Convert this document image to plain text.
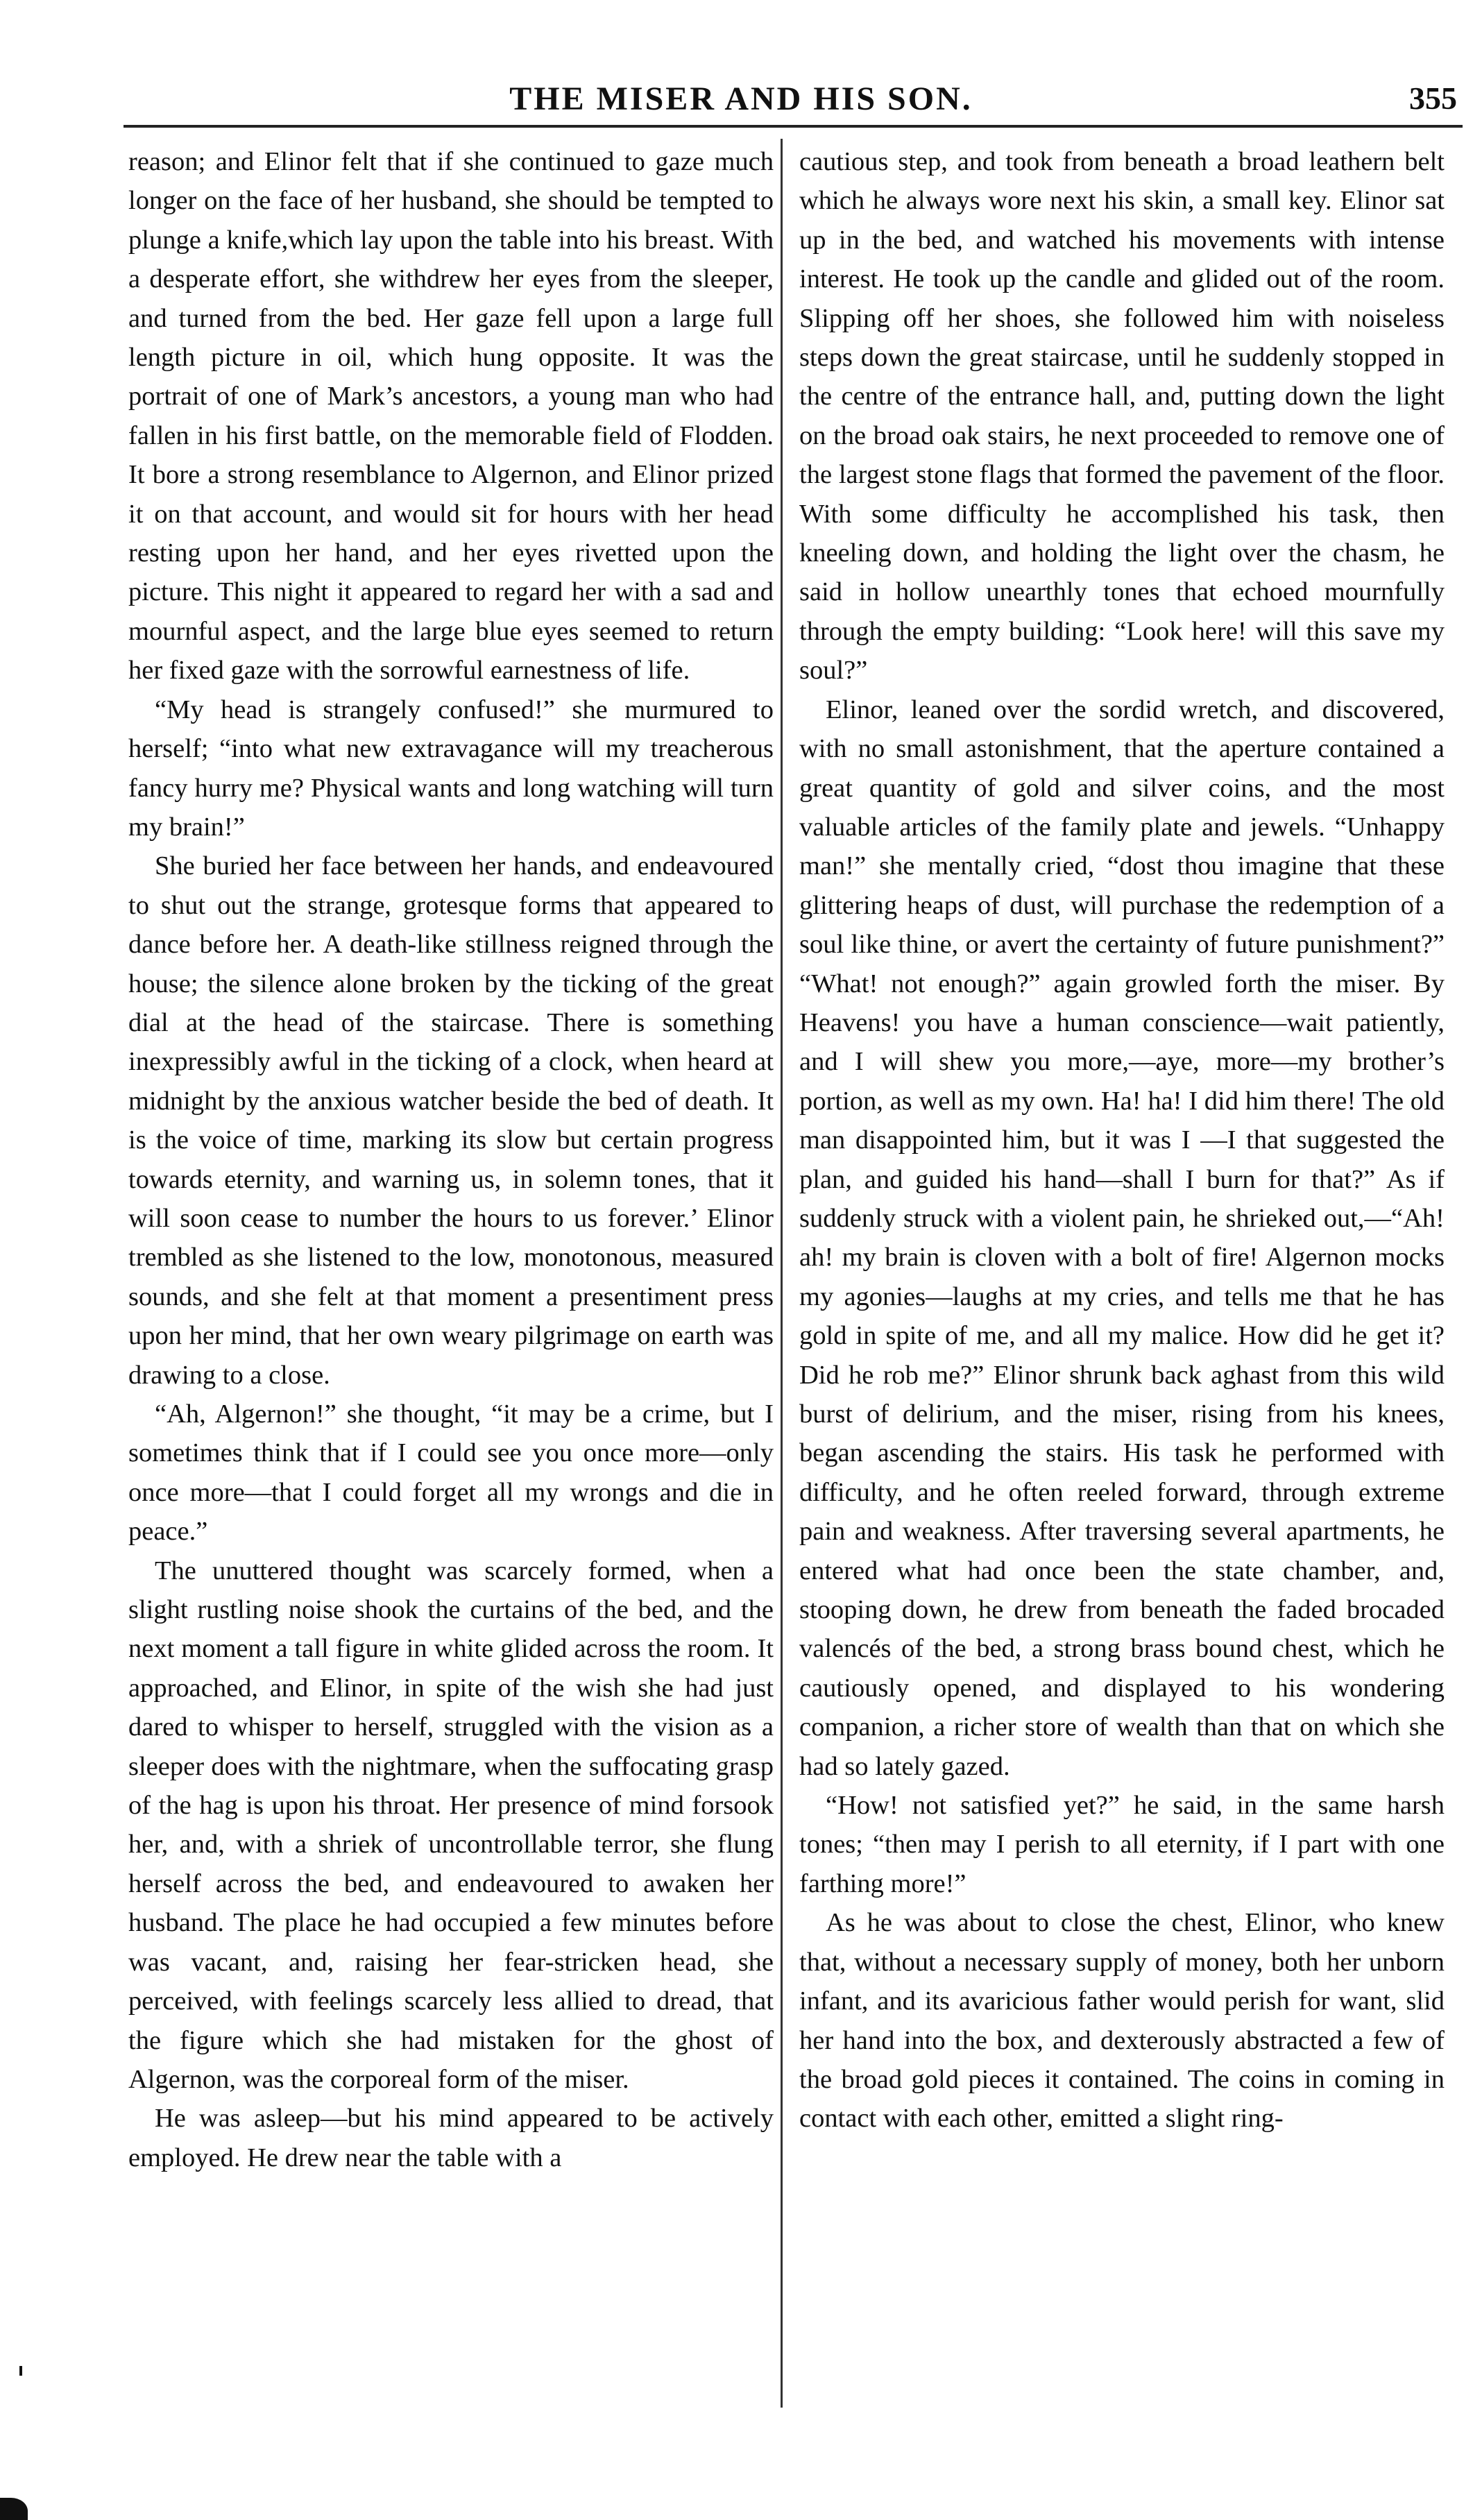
THE MISER AND HIS SON.	355

reason; and Elinor felt that if she continued to gaze much longer on the face of her husband, she should be tempted to plunge a knife,which lay upon the table into his breast. With a desperate effort, she withdrew her eyes from the sleeper, and turned from the bed. Her gaze fell upon a large full length picture in oil, which hung opposite. It was the portrait of one of Mark’s ancestors, a young man who had fallen in his first battle, on the memorable field of Flodden. It bore a strong resemblance to Algernon, and Elinor prized it on that account, and would sit for hours with her head resting upon her hand, and her eyes rivetted upon the picture. This night it appeared to regard her with a sad and mournful aspect, and the large blue eyes seemed to return her fixed gaze with the sorrowful earnestness of life.

“My head is strangely confused!” she murmured to herself; “into what new extravagance will my treacherous fancy hurry me? Physical wants and long watching will turn my brain!”

She buried her face between her hands, and endeavoured to shut out the strange, grotesque forms that appeared to dance before her. A death-like stillness reigned through the house; the silence alone broken by the ticking of the great dial at the head of the staircase. There is something inexpressibly awful in the ticking of a clock, when heard at midnight by the anxious watcher beside the bed of death. It is the voice of time, marking its slow but certain progress towards eternity, and warning us, in solemn tones, that it will soon cease to number the hours to us forever.’ Elinor trembled as she listened to the low, monotonous, measured sounds, and she felt at that moment a presentiment press upon her mind, that her own weary pilgrimage on earth was drawing to a close.

“Ah, Algernon!” she thought, “it may be a crime, but I sometimes think that if I could see you once more—only once more—that I could forget all my wrongs and die in peace.”

The unuttered thought was scarcely formed, when a slight rustling noise shook the curtains of the bed, and the next moment a tall figure in white glided across the room. It approached, and Elinor, in spite of the wish she had just dared to whisper to herself, struggled with the vision as a sleeper does with the nightmare, when the suffocating grasp of the hag is upon his throat. Her presence of mind forsook her, and, with a shriek of uncontrollable terror, she flung herself across the bed, and endeavoured to awaken her husband. The place he had occupied a few minutes before was vacant, and, raising her fear-stricken head, she perceived, with feelings scarcely less allied to dread, that the figure which she had mistaken for the ghost of Algernon, was the corporeal form of the miser.

He was asleep—but his mind appeared to be actively employed. He drew near the table with a

cautious step, and took from beneath a broad leathern belt which he always wore next his skin, a small key. Elinor sat up in the bed, and watched his movements with intense interest. He took up the candle and glided out of the room. Slipping off her shoes, she followed him with noiseless steps down the great staircase, until he suddenly stopped in the centre of the entrance hall, and, putting down the light on the broad oak stairs, he next proceeded to remove one of the largest stone flags that formed the pavement of the floor. With some difficulty he accomplished his task, then kneeling down, and holding the light over the chasm, he said in hollow unearthly tones that echoed mournfully through the empty building: “Look here! will this save my soul?”

Elinor, leaned over the sordid wretch, and discovered, with no small astonishment, that the aperture contained a great quantity of gold and silver coins, and the most valuable articles of the family plate and jewels. “Unhappy man!” she mentally cried, “dost thou imagine that these glittering heaps of dust, will purchase the redemption of a soul like thine, or avert the certainty of future punishment?” “What! not enough?” again growled forth the miser. By Heavens! you have a human conscience—wait patiently, and I will shew you more,—aye, more—my brother’s portion, as well as my own. Ha! ha! I did him there! The old man disappointed him, but it was I —I that suggested the plan, and guided his hand—shall I burn for that?” As if suddenly struck with a violent pain, he shrieked out,—“Ah! ah! my brain is cloven with a bolt of fire! Algernon mocks my agonies—laughs at my cries, and tells me that he has gold in spite of me, and all my malice. How did he get it? Did he rob me?” Elinor shrunk back aghast from this wild burst of delirium, and the miser, rising from his knees, began ascending the stairs. His task he performed with difficulty, and he often reeled forward, through extreme pain and weakness. After traversing several apartments, he entered what had once been the state chamber, and, stooping down, he drew from beneath the faded brocaded valencés of the bed, a strong brass bound chest, which he cautiously opened, and displayed to his wondering companion, a richer store of wealth than that on which she had so lately gazed.

“How! not satisfied yet?” he said, in the same harsh tones; “then may I perish to all eternity, if I part with one farthing more!”

As he was about to close the chest, Elinor, who knew that, without a necessary supply of money, both her unborn infant, and its avaricious father would perish for want, slid her hand into the box, and dexterously abstracted a few of the broad gold pieces it contained. The coins in coming in contact with each other, emitted a slight ring-
